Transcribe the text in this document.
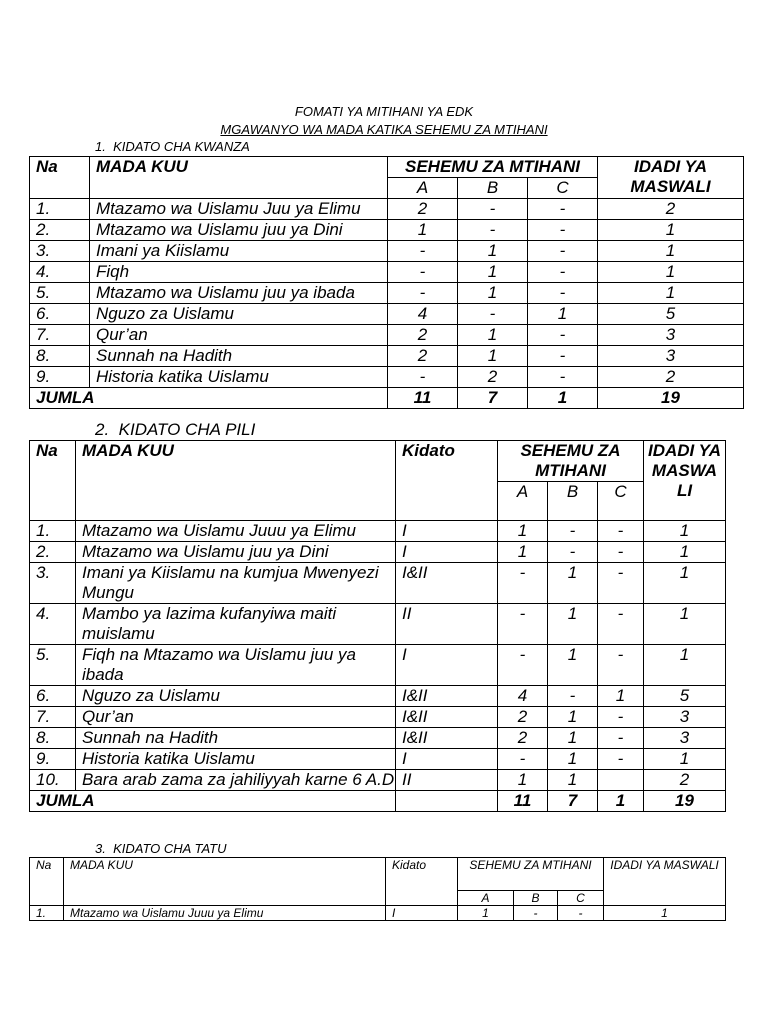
FOMATI YA MITIHANI YA EDK
MGAWANYO WA MADA KATIKA SEHEMU ZA MTIHANI
1. KIDATO CHA KWANZA
Na	MADA KUU	SEHEMU ZA MTIHANI			IDADI YA MASWALI
		A	B	C	
1.	Mtazamo wa Uislamu Juu ya Elimu	2	-	-	2
2.	Mtazamo wa Uislamu juu ya Dini	1	-	-	1
3.	Imani ya Kiislamu	-	1	-	1
4.	Fiqh	-	1	-	1
5.	Mtazamo wa Uislamu juu ya ibada	-	1	-	1
6.	Nguzo za Uislamu	4	-	1	5
7.	Qur’an	2	1	-	3
8.	Sunnah na Hadith	2	1	-	3
9.	Historia katika Uislamu	-	2	-	2
JUMLA		11	7	1	19
2. KIDATO CHA PILI
Na	MADA KUU	Kidato	SEHEMU ZA MTIHANI			IDADI YA MASWA LI
			A	B	C	
1.	Mtazamo wa Uislamu Juuu ya Elimu	I	1	-	-	1
2.	Mtazamo wa Uislamu juu ya Dini	I	1	-	-	1
3.	Imani ya Kiislamu na kumjua Mwenyezi Mungu	I&II	-	1	-	1
4.	Mambo ya lazima kufanyiwa maiti muislamu	II	-	1	-	1
5.	Fiqh na Mtazamo wa Uislamu juu ya ibada	I	-	1	-	1
6.	Nguzo za Uislamu	I&II	4	-	1	5
7.	Qur’an	I&II	2	1	-	3
8.	Sunnah na Hadith	I&II	2	1	-	3
9.	Historia katika Uislamu	I	-	1	-	1
10.	Bara arab zama za jahiliyyah karne 6 A.D	II	1	1		2
JUMLA			11	7	1	19
3. KIDATO CHA TATU
Na	MADA KUU	Kidato	SEHEMU ZA MTIHANI			IDADI YA MASWALI
			A	B	C	
1.	Mtazamo wa Uislamu Juuu ya Elimu	I	1	-	-	1
